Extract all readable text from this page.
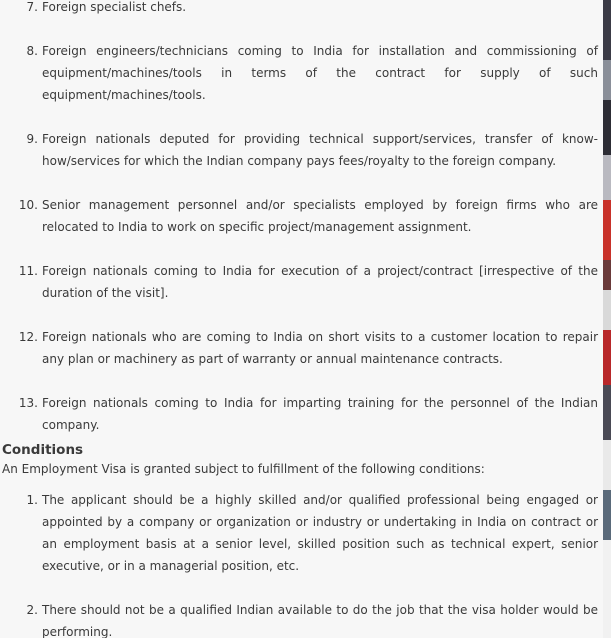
7. Foreign specialist chefs.
8. Foreign engineers/technicians coming to India for installation and commissioning of equipment/machines/tools in terms of the contract for supply of such equipment/machines/tools.
9. Foreign nationals deputed for providing technical support/services, transfer of know-how/services for which the Indian company pays fees/royalty to the foreign company.
10. Senior management personnel and/or specialists employed by foreign firms who are relocated to India to work on specific project/management assignment.
11. Foreign nationals coming to India for execution of a project/contract [irrespective of the duration of the visit].
12. Foreign nationals who are coming to India on short visits to a customer location to repair any plan or machinery as part of warranty or annual maintenance contracts.
13. Foreign nationals coming to India for imparting training for the personnel of the Indian company.
Conditions

An Employment Visa is granted subject to fulfillment of the following conditions:

1. The applicant should be a highly skilled and/or qualified professional being engaged or appointed by a company or organization or industry or undertaking in India on contract or an employment basis at a senior level, skilled position such as technical expert, senior executive, or in a managerial position, etc.
2. There should not be a qualified Indian available to do the job that the visa holder would be performing.
